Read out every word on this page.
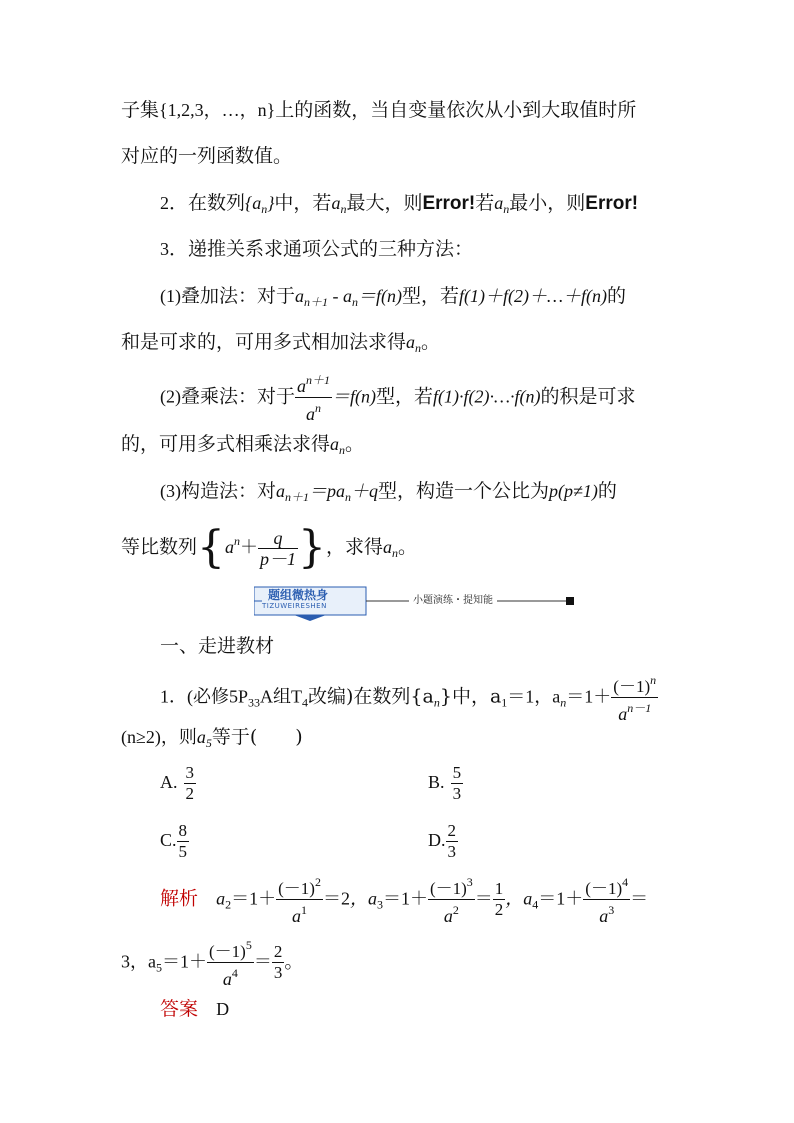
子集{1,2,3，…，n}上的函数，当自变量依次从小到大取值时所
对应的一列函数值。
2．在数列$\{a_n\}$中，若$a_n$最大，则Error!若$a_n$最小，则Error!
3．递推关系求通项公式的三种方法：
(1)叠加法：对于$a_{n+1} - a_n=f(n)$型，若f(1)＋f(2)＋…＋f(n)的
和是可求的，可用多式相加法求得$a_n$。
(2)叠乘法：对于 $\frac{a^{n+1}}{a^n} =f(n)$型，若f(1)·f(2)·…·f(n)的积是可求
的，可用多式相乘法求得$a_n$。
(3)构造法：对$a_{n+1}=pa_n+q$型，构造一个公比为p(p≠1)的
等比数列{$a^n+ \frac{q}{p-1}$ }，求得$a_n$。
题组微热身
TIZUWEIRESHEN	小题演练・提知能
一、走进教材
1．(必修$5P_{33}A$组$T_4$改编)在数列$\{a_n\}$中，$a_1=1$，$a_n=1+ \frac{(-1)^n}{a^{n-1}}$
(n≥2)，则$a_5$等于(　　)
A. $\frac{3}{2}$	B. $\frac{5}{3}$
C. $\frac{8}{5}$	D. $\frac{2}{3}$
解析 $a_2=1+ \frac{(-1)^2}{a^1} =2$，$a_3=1+ \frac{(-1)^3}{a^2} = \frac{1}{2}$ ，$a_4=1+ \frac{(-1)^4}{a^3}$ ＝
3，$a_5=1+ \frac{(-1)^5}{a^4} = \frac{2}{3}$ 。
答案 D
